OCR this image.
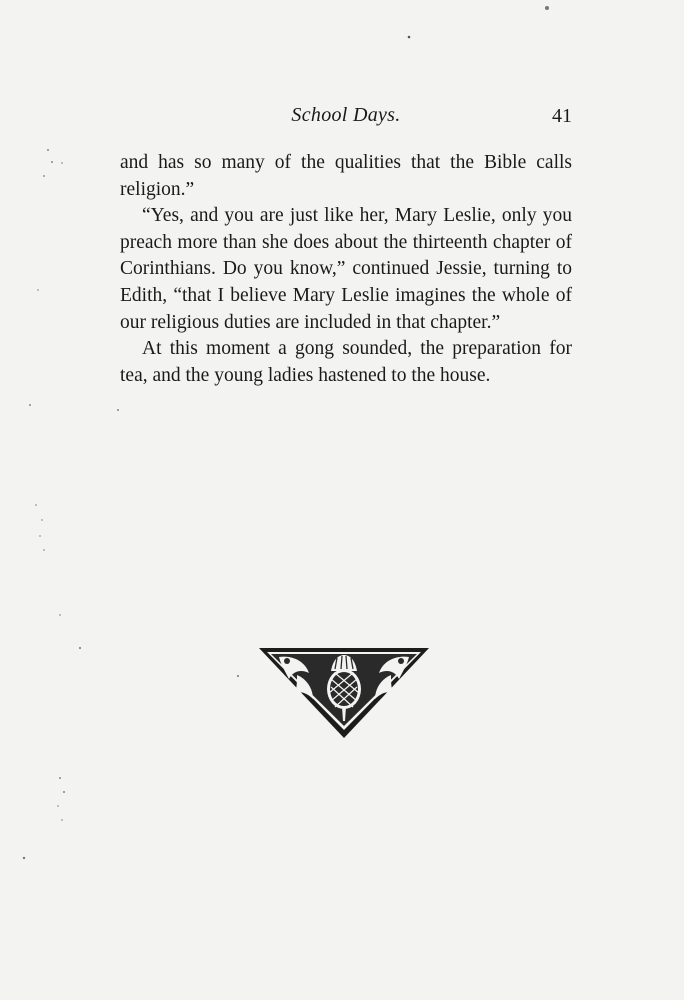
School Days.	41

and has so many of the qualities that the Bible calls religion.”

“Yes, and you are just like her, Mary Leslie, only you preach more than she does about the thirteenth chapter of Corinthians. Do you know,” continued Jessie, turning to Edith, “that I believe Mary Leslie imagines the whole of our religious duties are included in that chapter.”

At this moment a gong sounded, the preparation for tea, and the young ladies hastened to the house.
